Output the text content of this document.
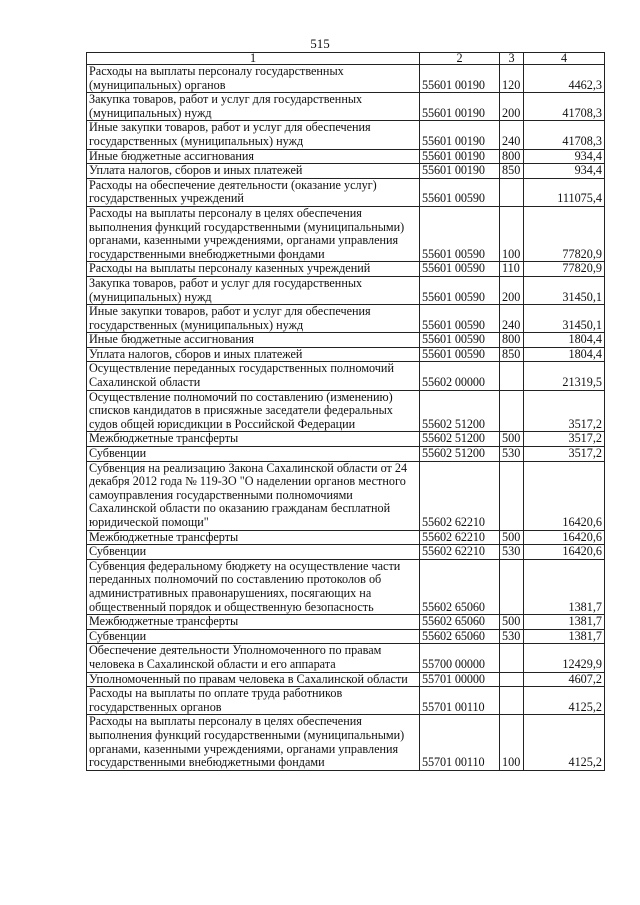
515
1	2	3	4
Расходы на выплаты персоналу государственных (муниципальных) органов	55601 00190	120	4462,3
Закупка товаров, работ и услуг для государственных (муниципальных) нужд	55601 00190	200	41708,3
Иные закупки товаров, работ и услуг для обеспечения государственных (муниципальных) нужд	55601 00190	240	41708,3
Иные бюджетные ассигнования	55601 00190	800	934,4
Уплата налогов, сборов и иных платежей	55601 00190	850	934,4
Расходы на обеспечение деятельности (оказание услуг) государственных учреждений	55601 00590		111075,4
Расходы на выплаты персоналу в целях обеспечения выполнения функций государственными (муниципальными) органами, казенными учреждениями, органами управления государственными внебюджетными фондами	55601 00590	100	77820,9
Расходы на выплаты персоналу казенных учреждений	55601 00590	110	77820,9
Закупка товаров, работ и услуг для государственных (муниципальных) нужд	55601 00590	200	31450,1
Иные закупки товаров, работ и услуг для обеспечения государственных (муниципальных) нужд	55601 00590	240	31450,1
Иные бюджетные ассигнования	55601 00590	800	1804,4
Уплата налогов, сборов и иных платежей	55601 00590	850	1804,4
Осуществление переданных государственных полномочий Сахалинской области	55602 00000		21319,5
Осуществление полномочий по составлению (изменению) списков кандидатов в присяжные заседатели федеральных судов общей юрисдикции в Российской Федерации	55602 51200		3517,2
Межбюджетные трансферты	55602 51200	500	3517,2
Субвенции	55602 51200	530	3517,2
Субвенция на реализацию Закона Сахалинской области от 24 декабря 2012 года № 119-ЗО "О наделении органов местного самоуправления государственными полномочиями Сахалинской области по оказанию гражданам бесплатной юридической помощи"	55602 62210		16420,6
Межбюджетные трансферты	55602 62210	500	16420,6
Субвенции	55602 62210	530	16420,6
Субвенция федеральному бюджету на осуществление части переданных полномочий по составлению протоколов об административных правонарушениях, посягающих на общественный порядок и общественную безопасность	55602 65060		1381,7
Межбюджетные трансферты	55602 65060	500	1381,7
Субвенции	55602 65060	530	1381,7
Обеспечение деятельности Уполномоченного по правам человека в Сахалинской области и его аппарата	55700 00000		12429,9
Уполномоченный по правам человека в Сахалинской области	55701 00000		4607,2
Расходы на выплаты по оплате труда работников государственных органов	55701 00110		4125,2
Расходы на выплаты персоналу в целях обеспечения выполнения функций государственными (муниципальными) органами, казенными учреждениями, органами управления государственными внебюджетными фондами	55701 00110	100	4125,2
